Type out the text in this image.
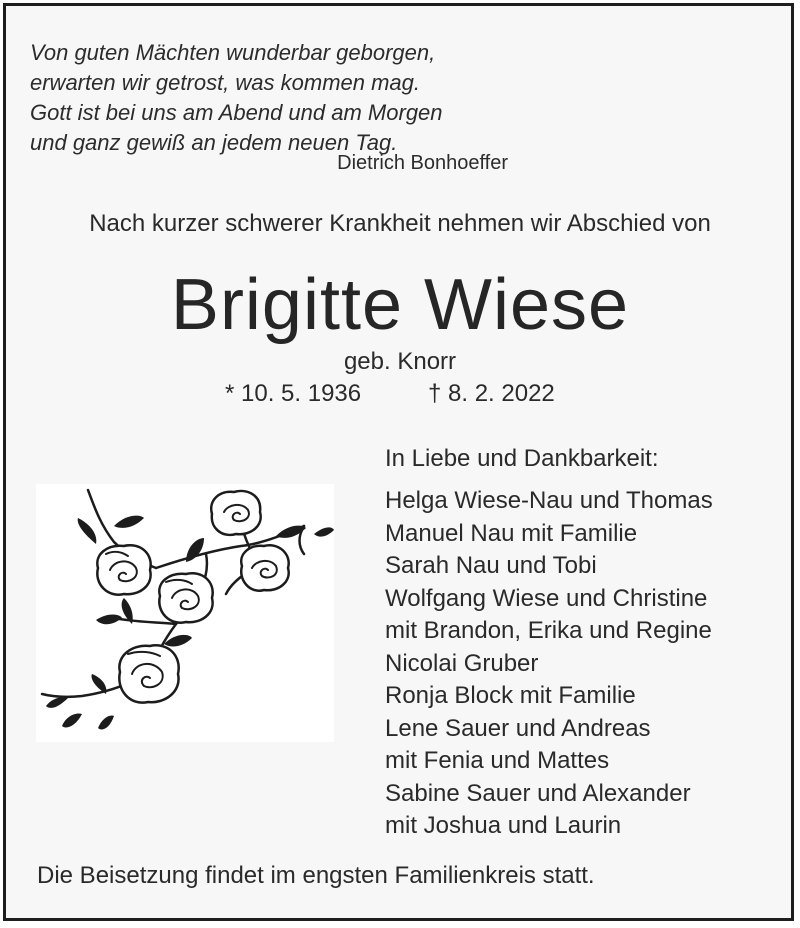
Von guten Mächten wunderbar geborgen,
erwarten wir getrost, was kommen mag.
Gott ist bei uns am Abend und am Morgen
und ganz gewiß an jedem neuen Tag.
Dietrich Bonhoeffer
Nach kurzer schwerer Krankheit nehmen wir Abschied von
Brigitte Wiese
geb. Knorr
* 10. 5. 1936	† 8. 2. 2022
In Liebe und Dankbarkeit:
Helga Wiese-Nau und Thomas
Manuel Nau mit Familie
Sarah Nau und Tobi
Wolfgang Wiese und Christine
mit Brandon, Erika und Regine
Nicolai Gruber
Ronja Block mit Familie
Lene Sauer und Andreas
mit Fenia und Mattes
Sabine Sauer und Alexander
mit Joshua und Laurin
Die Beisetzung findet im engsten Familienkreis statt.
